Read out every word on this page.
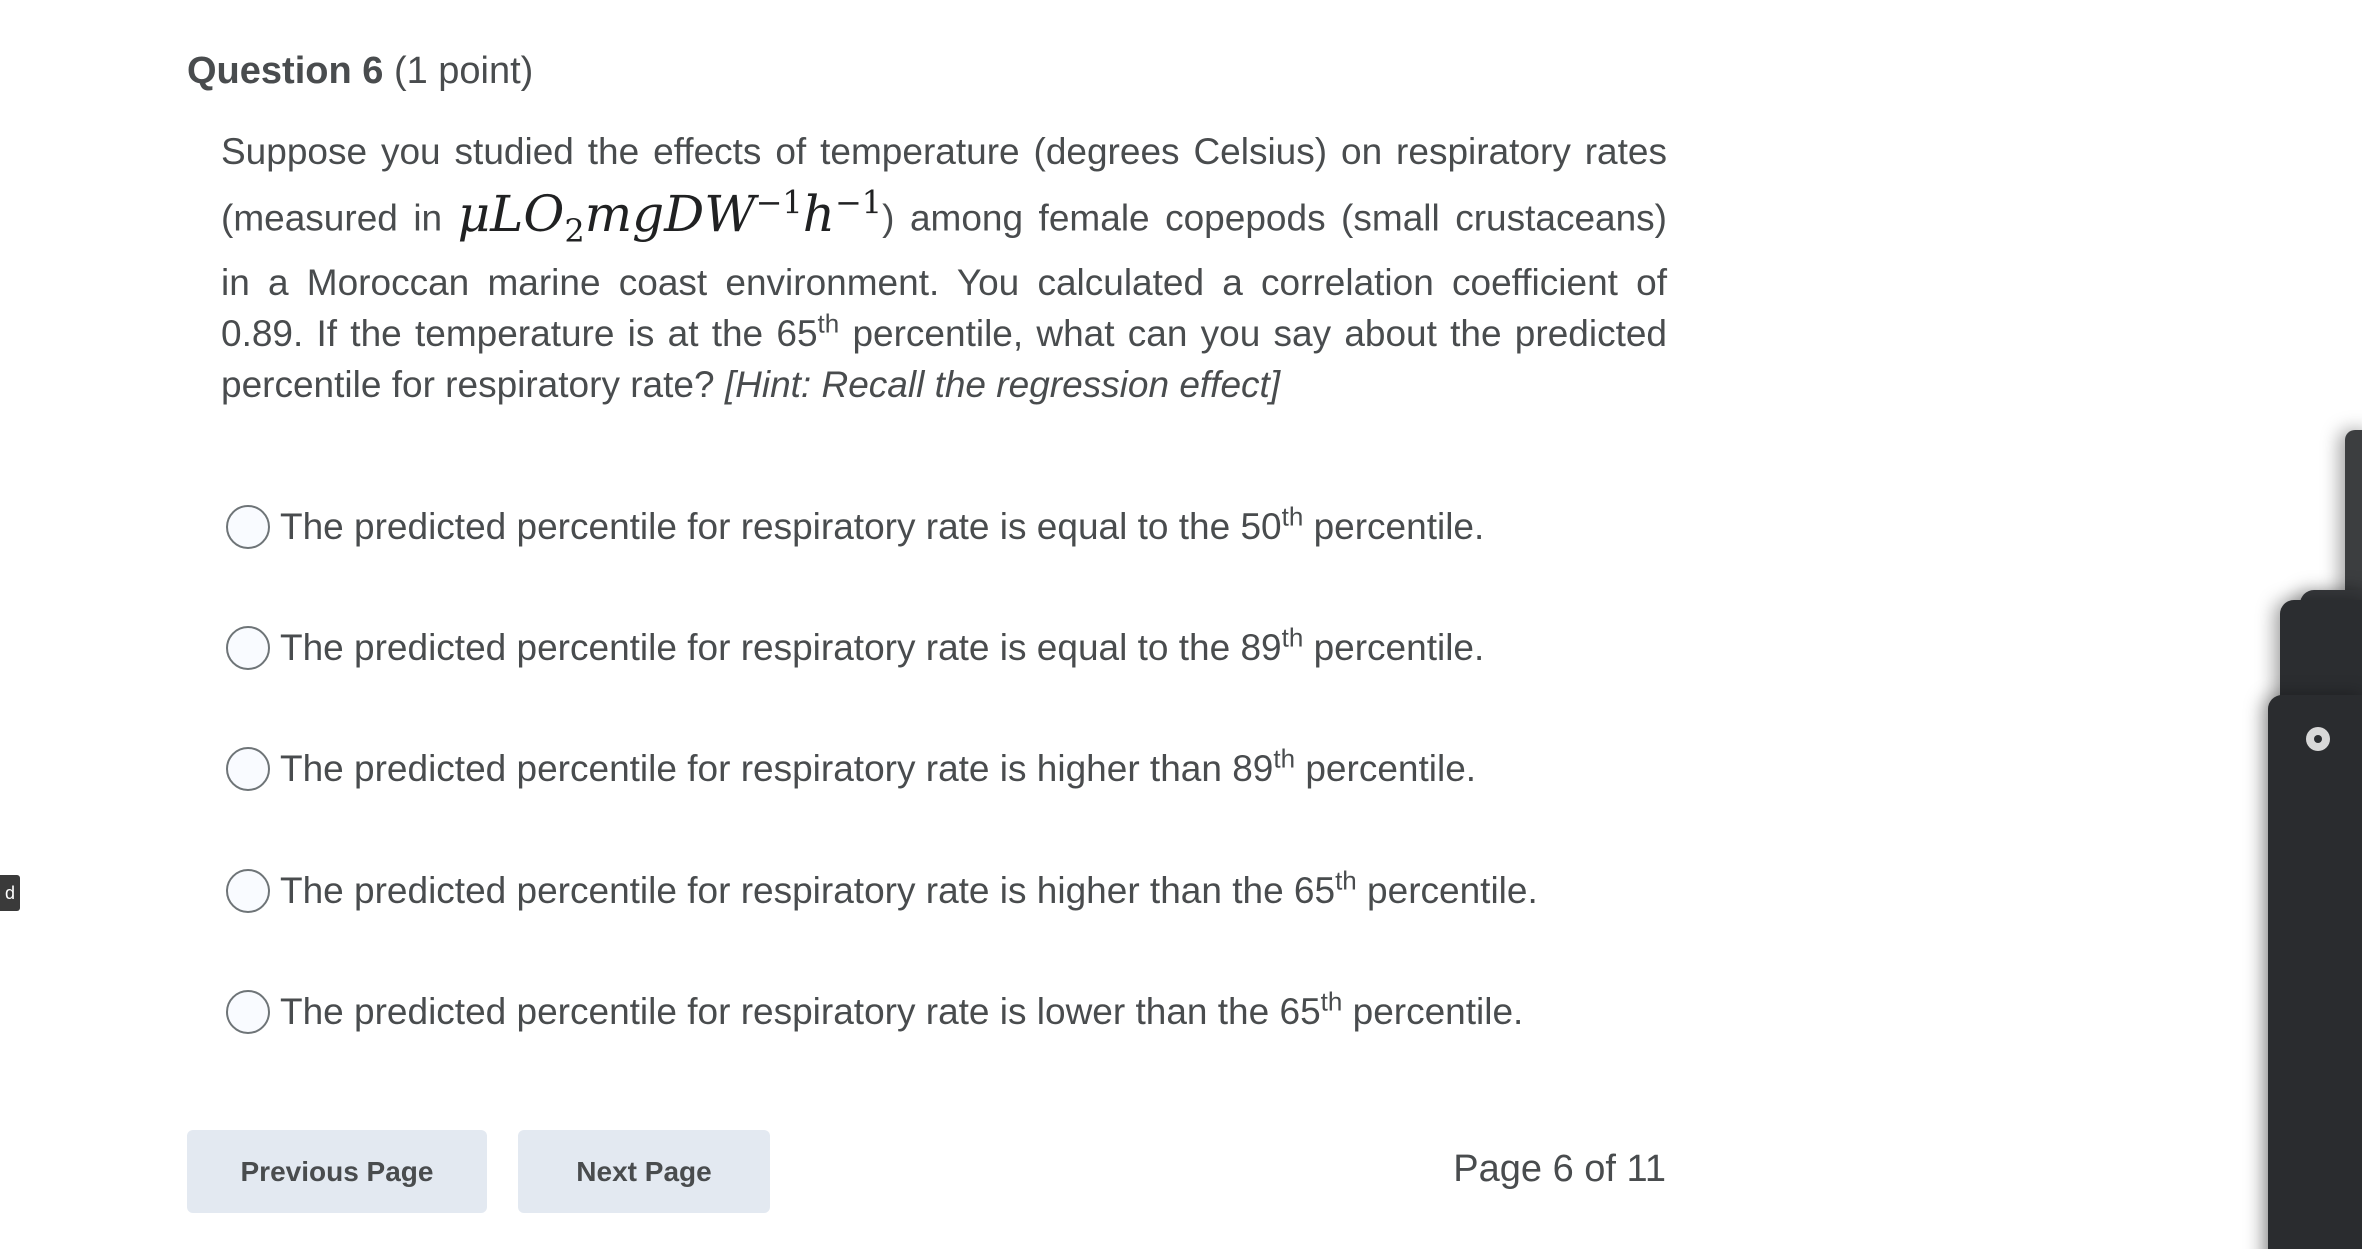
Question 6 (1 point)
Suppose you studied the effects of temperature (degrees Celsius) on respiratory rates (measured in $\mu LO_2mgDW^{-1}h^{-1}$) among female copepods (small crustaceans) in a Moroccan marine coast environment. You calculated a correlation coefficient of 0.89. If the temperature is at the 65th percentile, what can you say about the predicted percentile for respiratory rate? [Hint: Recall the regression effect]
The predicted percentile for respiratory rate is equal to the 50th percentile.
The predicted percentile for respiratory rate is equal to the 89th percentile.
The predicted percentile for respiratory rate is higher than 89th percentile.
The predicted percentile for respiratory rate is higher than the 65th percentile.
The predicted percentile for respiratory rate is lower than the 65th percentile.
Previous Page	Next Page	Page 6 of 11
d
